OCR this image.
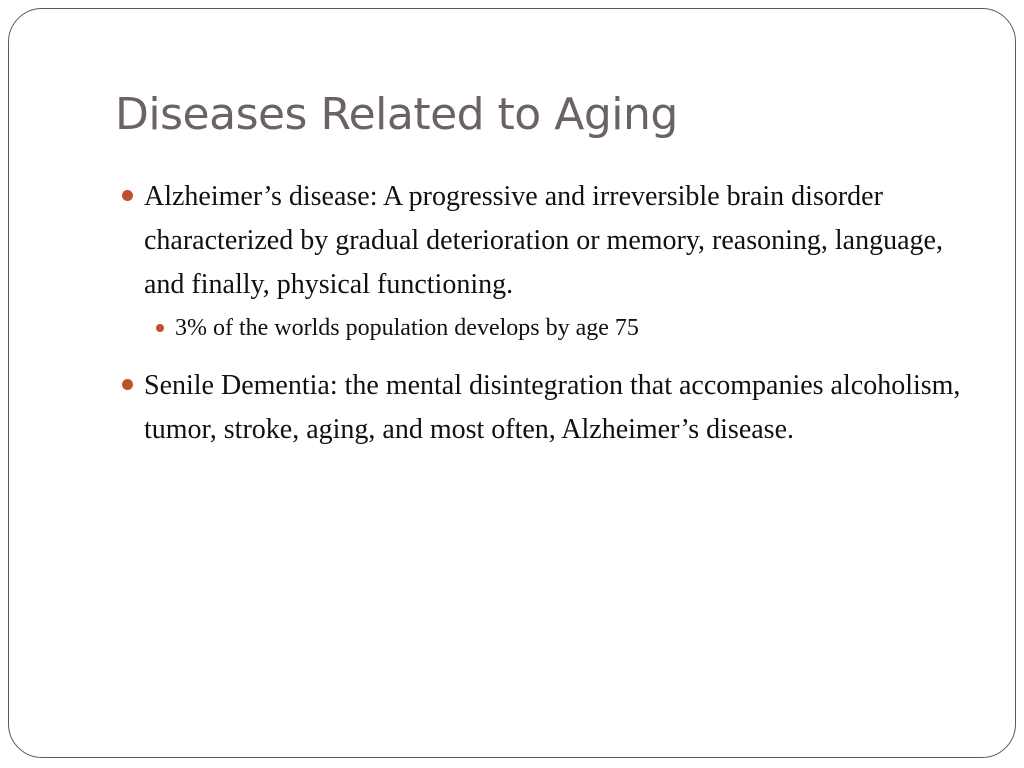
Diseases Related to Aging

Alzheimer’s disease: A progressive and irreversible brain disorder characterized by gradual deterioration or memory, reasoning, language, and finally, physical functioning.

3% of the worlds population develops by age 75

Senile Dementia: the mental disintegration that accompanies alcoholism, tumor, stroke, aging, and most often, Alzheimer’s disease.
